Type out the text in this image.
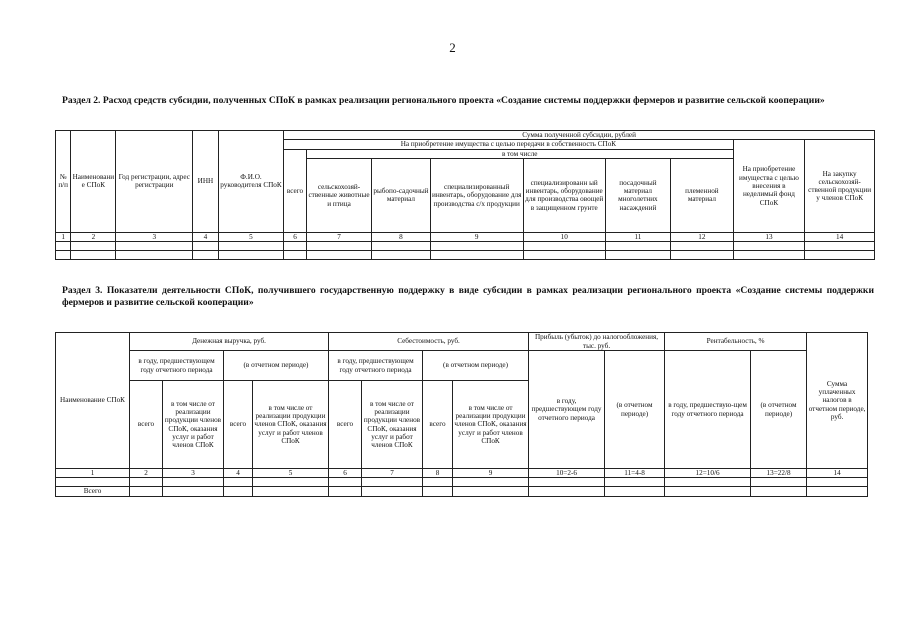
2
Раздел 2. Расход средств субсидии, полученных СПоК в рамках реализации регионального проекта «Создание системы поддержки фермеров и развитие сельской кооперации»
№ п/п	Наименование СПоК	Год регистрации, адрес регистрации	ИНН	Ф.И.О. руководителя СПоК	Сумма полученной субсидии, рублей								
					На приобретение имущества с целью передачи в собственность СПоК							На приобретение имущества с целью внесения в неделимый фонд СПоК	На закупку сельскохозяй-ственной продукции у членов СПоК
					всего	в том числе							
						сельскохозяй-ственные животные и птица	рыбопо-садочный материал	специализированный инвентарь, оборудование для производства с/х продукции	специализированн ый инвентарь, оборудование для производства овощей в защищенном грунте	посадочный материал многолетних насаждений	племенной материал		
1	2	3	4	5	6	7	8	9	10	11	12	13	14

Раздел 3. Показатели деятельности СПоК, получившего государственную поддержку в виде субсидии в рамках реализации регионального проекта «Создание системы поддержки фермеров и развитие сельской кооперации»
Наименование СПоК	Денежная выручка, руб.				Себестоимость, руб.				Прибыль (убыток) до налогообложения, тыс. руб.		Рентабельность, %		Сумма уплаченных налогов в отчетном периоде, руб.
	в году, предшествующем году отчетного периода		(в отчетном периоде)		в году, предшествующем году отчетного периода		(в отчетном периоде)		в году, предшествующем году отчетного периода	(в отчетном периоде)	в году, предшествую-щем году отчетного периода	(в отчетном периоде)	
	всего	в том числе от реализации продукции членов СПоК, оказания услуг и работ членов СПоК	всего	в том числе от реализации продукции членов СПоК, оказания услуг и работ членов СПоК	всего	в том числе от реализации продукции членов СПоК, оказания услуг и работ членов СПоК	всего	в том числе от реализации продукции членов СПоК, оказания услуг и работ членов СПоК					
1	2	3	4	5	6	7	8	9	10=2-6	11=4-8	12=10/6	13=22/8	14

Всего													
